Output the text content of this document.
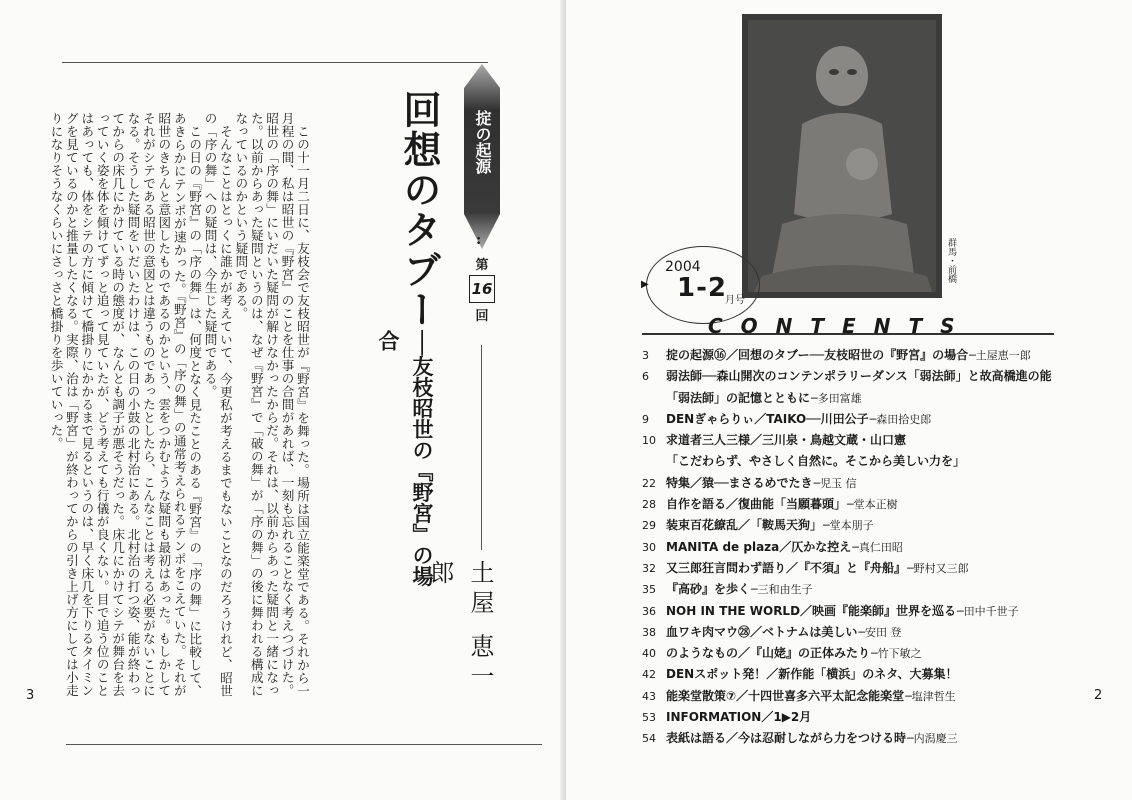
この十一月二日に、友枝会で友枝昭世が『野宮』を舞った。場所は国立能楽堂である。それから一月程の間、私は昭世の『野宮』のことを仕事の合間があれば、一刻も忘れることなく考えつづけた。昭世の「序の舞」にいだいた疑問が解けなかったからだ。それは、以前からあった疑問と一緒になった。以前からあった疑問というのは、なぜ『野宮』で「破の舞」が「序の舞」の後に舞われる構成になっているのかという疑問である。

そんなことはとっくに誰かが考えていて、今更私が考えるまでもないことなのだろうけれど、昭世の「序の舞」への疑問は、今生じた疑問である。

この日の『野宮』の「序の舞」は、何度となく見たことのある『野宮』の「序の舞」に比較して、あきらかにテンポが速かった。『野宮』の「序の舞」の通常考えられるテンポをこえていた。それが昭世のきちんと意図したものであるのかという、雲をつかむような疑問も最初はあった。もしかしてそれがシテである昭世の意図とは違うものであったとしたら、こんなことは考える必要がないことになる。そうした疑問をいだいたわけは、この日の小鼓の北村治にある。北村治の打つ姿、能が終わってからの床几にかけている時の態度が、なんとも調子が悪そうだった。床几にかけてシテが舞台を去っていく姿を体を傾けてずっと追って見ていたが、どう考えても行儀が良くない。目で追う位のことはあっても、体をシテの方に傾けて橋掛りにかかるまで見るというのは、早く床几を下りるタイミングを見ているのかと推量したくなる。実際、治は「野宮」が終わってからの引き上げ方にしては小走りになりそうなくらいにさっさと橋掛りを歩いていった。	回想のタブー
──友枝昭世の『野宮』の場合
掟の起源
:
第
16
回
土屋 恵一郎
3
群馬・前橋
▶
2004
1-2
月号
CONTENTS
3	掟の起源⑯／回想のタブー──友枝昭世の『野宮』の場合 ─土屋恵一郎
6	弱法師──森山開次のコンテンポラリーダンス「弱法師」と故高橋進の能
「弱法師」の記憶とともに ─多田富雄
9	DENぎゃらりぃ／TAIKO──川田公子 ─森田拾史郎
10 求道者三人三様／三川泉・鳥越文蔵・山口憲
「こだわらず、やさしく自然に。そこから美しい力を」
22 特集／猿──まさるめでたき ─児玉 信
28 自作を語る／復曲能「当願暮頭」 ─堂本正樹
29 装束百花繚乱／「鞍馬天狗」 ─堂本朋子
30 MANITA de plaza／仄かな控え ─真仁田昭
32 又三郎狂言問わず語り／『不須』と『舟船』 ─野村又三郎
35 『高砂』を歩く ─三和由生子
36 NOH IN THE WORLD／映画『能楽師』世界を巡る ─田中千世子
38 血ワキ肉マウ㉘／ベトナムは美しい ─安田 登
40 のようなもの／『山姥』の正体みたり ─竹下敏之
42 DENスポット発！／新作能「横浜」のネタ、大募集！
43 能楽堂散策⑦／十四世喜多六平太記念能楽堂 ─塩津哲生
53 INFORMATION／1▶2月
54 表紙は語る／今は忍耐しながら力をつける時 ─内潟慶三
2
